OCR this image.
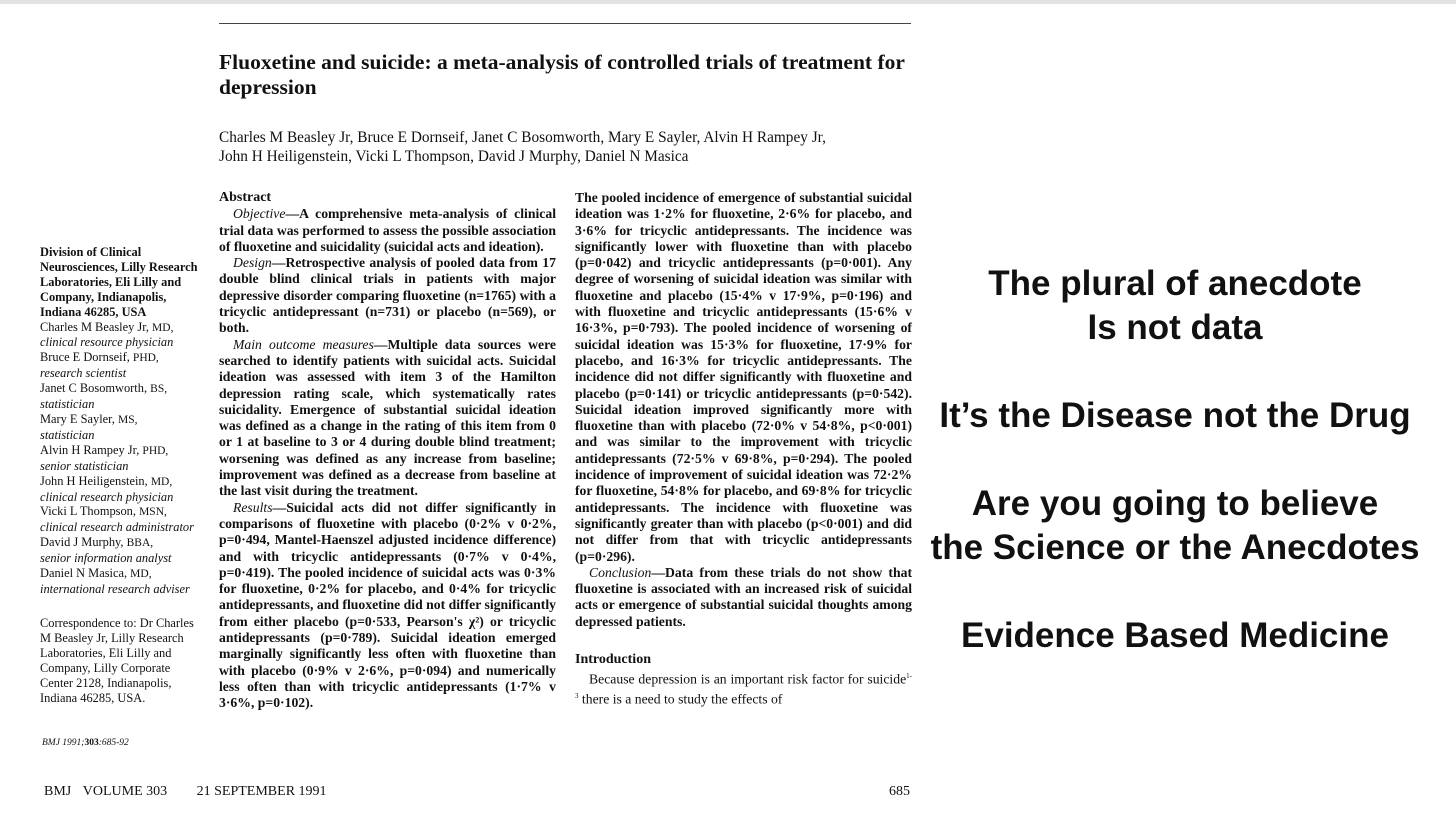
Fluoxetine and suicide: a meta-analysis of controlled trials of treatment for depression
Charles M Beasley Jr, Bruce E Dornseif, Janet C Bosomworth, Mary E Sayler, Alvin H Rampey Jr,
John H Heiligenstein, Vicki L Thompson, David J Murphy, Daniel N Masica
Division of Clinical Neurosciences, Lilly Research Laboratories, Eli Lilly and Company, Indianapolis, Indiana 46285, USA
Charles M Beasley Jr, MD,
clinical resource physician
Bruce E Dornseif, PHD,
research scientist
Janet C Bosomworth, BS,
statistician
Mary E Sayler, MS,
statistician
Alvin H Rampey Jr, PHD,
senior statistician
John H Heiligenstein, MD,
clinical research physician
Vicki L Thompson, MSN,
clinical research administrator
David J Murphy, BBA,
senior information analyst
Daniel N Masica, MD,
international research adviser
Correspondence to: Dr Charles M Beasley Jr, Lilly Research Laboratories, Eli Lilly and Company, Lilly Corporate Center 2128, Indianapolis, Indiana 46285, USA.
BMJ 1991;303:685-92

Abstract

Objective—A comprehensive meta-analysis of clinical trial data was performed to assess the possible association of fluoxetine and suicidality (suicidal acts and ideation).

Design—Retrospective analysis of pooled data from 17 double blind clinical trials in patients with major depressive disorder comparing fluoxetine (n=1765) with a tricyclic antidepressant (n=731) or placebo (n=569), or both.

Main outcome measures—Multiple data sources were searched to identify patients with suicidal acts. Suicidal ideation was assessed with item 3 of the Hamilton depression rating scale, which systematically rates suicidality. Emergence of substantial suicidal ideation was defined as a change in the rating of this item from 0 or 1 at baseline to 3 or 4 during double blind treatment; worsening was defined as any increase from baseline; improvement was defined as a decrease from baseline at the last visit during the treatment.

Results—Suicidal acts did not differ significantly in comparisons of fluoxetine with placebo (0·2% v 0·2%, p=0·494, Mantel-Haenszel adjusted incidence difference) and with tricyclic antidepressants (0·7% v 0·4%, p=0·419). The pooled incidence of suicidal acts was 0·3% for fluoxetine, 0·2% for placebo, and 0·4% for tricyclic antidepressants, and fluoxetine did not differ significantly from either placebo (p=0·533, Pearson's χ²) or tricyclic antidepressants (p=0·789). Suicidal ideation emerged marginally significantly less often with fluoxetine than with placebo (0·9% v 2·6%, p=0·094) and numerically less often than with tricyclic antidepressants (1·7% v 3·6%, p=0·102).

The pooled incidence of emergence of substantial suicidal ideation was 1·2% for fluoxetine, 2·6% for placebo, and 3·6% for tricyclic antidepressants. The incidence was significantly lower with fluoxetine than with placebo (p=0·042) and tricyclic antidepressants (p=0·001). Any degree of worsening of suicidal ideation was similar with fluoxetine and placebo (15·4% v 17·9%, p=0·196) and with fluoxetine and tricyclic antidepressants (15·6% v 16·3%, p=0·793). The pooled incidence of worsening of suicidal ideation was 15·3% for fluoxetine, 17·9% for placebo, and 16·3% for tricyclic antidepressants. The incidence did not differ significantly with fluoxetine and placebo (p=0·141) or tricyclic antidepressants (p=0·542). Suicidal ideation improved significantly more with fluoxetine than with placebo (72·0% v 54·8%, p<0·001) and was similar to the improvement with tricyclic antidepressants (72·5% v 69·8%, p=0·294). The pooled incidence of improvement of suicidal ideation was 72·2% for fluoxetine, 54·8% for placebo, and 69·8% for tricyclic antidepressants. The incidence with fluoxetine was significantly greater than with placebo (p<0·001) and did not differ from that with tricyclic antidepressants (p=0·296).

Conclusion—Data from these trials do not show that fluoxetine is associated with an increased risk of suicidal acts or emergence of substantial suicidal thoughts among depressed patients.

Introduction

Because depression is an important risk factor for suicide$^{1-3}$ there is a need to study the effects of

BMJ VOLUME 303 21 SEPTEMBER 1991	685
The plural of anecdote
Is not data
It’s the Disease not the Drug
Are you going to believe
the Science or the Anecdotes
Evidence Based Medicine
